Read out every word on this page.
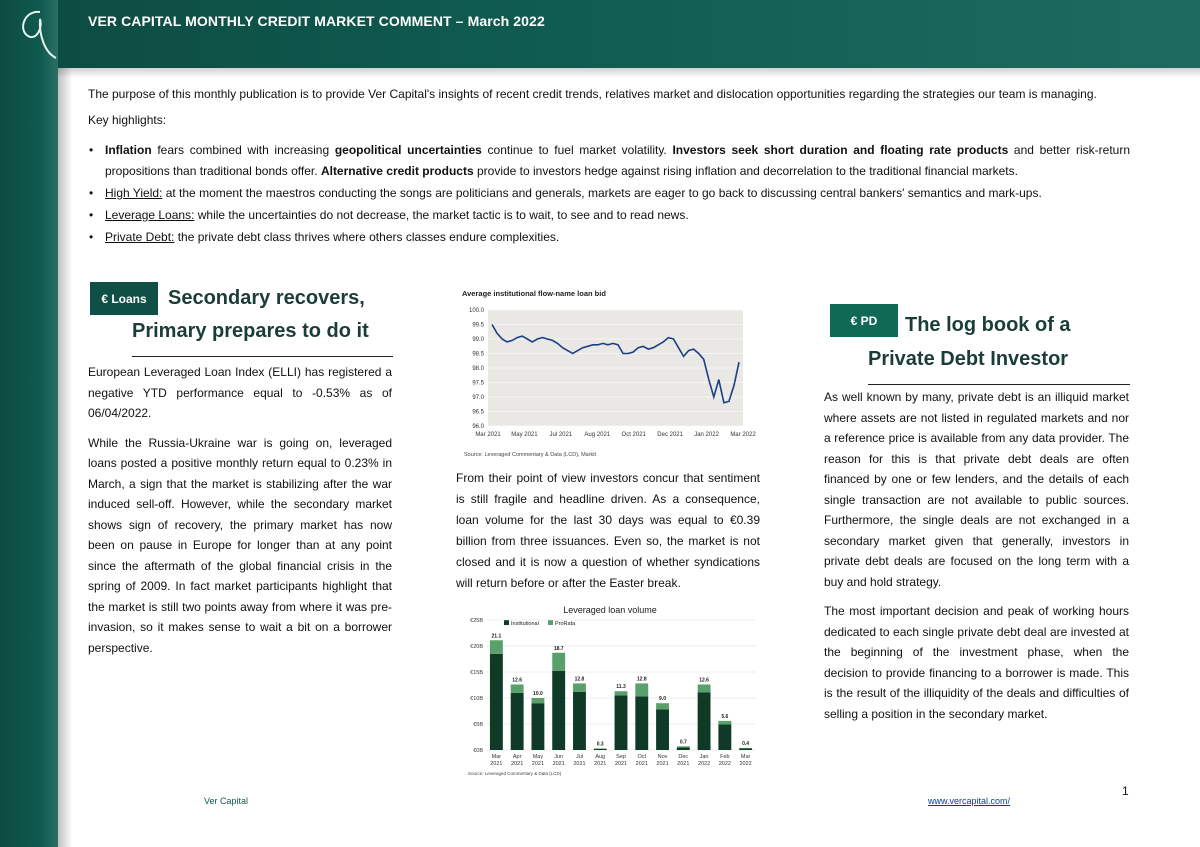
VER CAPITAL MONTHLY CREDIT MARKET COMMENT – March 2022
The purpose of this monthly publication is to provide Ver Capital's insights of recent credit trends, relatives market and dislocation opportunities regarding the strategies our team is managing.
Key highlights:
• Inflation fears combined with increasing geopolitical uncertainties continue to fuel market volatility. Investors seek short duration and floating rate products and better risk-return propositions than traditional bonds offer. Alternative credit products provide to investors hedge against rising inflation and decorrelation to the traditional financial markets.
• High Yield: at the moment the maestros conducting the songs are politicians and generals, markets are eager to go back to discussing central bankers' semantics and mark-ups.
• Leverage Loans: while the uncertainties do not decrease, the market tactic is to wait, to see and to read news.
• Private Debt: the private debt class thrives where others classes endure complexities.
€ Loans	Secondary recovers,
Primary prepares to do it

European Leveraged Loan Index (ELLI) has registered a negative YTD performance equal to -0.53% as of 06/04/2022.

While the Russia-Ukraine war is going on, leveraged loans posted a positive monthly return equal to 0.23% in March, a sign that the market is stabilizing after the war induced sell-off. However, while the secondary market shows sign of recovery, the primary market has now been on pause in Europe for longer than at any point since the aftermath of the global financial crisis in the spring of 2009. In fact market participants highlight that the market is still two points away from where it was pre-invasion, so it makes sense to wait a bit on a borrower perspective.

Average institutional flow-name loan bid
100.0
99.5
99.0
98.5
98.0
97.5
97.0
96.5
96.0
Mar 2021 May 2021 Jul 2021 Aug 2021 Oct 2021 Dec 2021 Jan 2022 Mar 2022
Source: Leveraged Commentary & Data (LCD), Markit
From their point of view investors concur that sentiment is still fragile and headline driven. As a consequence, loan volume for the last 30 days was equal to €0.39 billion from three issuances. Even so, the market is not closed and it is now a question of whether syndications will return before or after the Easter break.
Leveraged loan volume
Institutional	ProRata
€25B
€20B
€15B
€10B
€5B
€0B
21.1
Mar
2021
12.6
Apr
2021
10.0
May
2021
18.7
Jun
2021
12.8
Jul
2021
0.3
Aug
2021
11.3
Sep
2021
12.8
Oct
2021
9.0
Nov
2021
0.7
Dec
2021
12.6
Jan
2022
5.6
Feb
2022
0.4
Mar
2022
Source: Leveraged Commentary & Data (LCD)
€ PD	The log book of a
Private Debt Investor

As well known by many, private debt is an illiquid market where assets are not listed in regulated markets and nor a reference price is available from any data provider. The reason for this is that private debt deals are often financed by one or few lenders, and the details of each single transaction are not available to public sources. Furthermore, the single deals are not exchanged in a secondary market given that generally, investors in private debt deals are focused on the long term with a buy and hold strategy.

The most important decision and peak of working hours dedicated to each single private debt deal are invested at the beginning of the investment phase, when the decision to provide financing to a borrower is made. This is the result of the illiquidity of the deals and difficulties of selling a position in the secondary market.

Ver Capital	www.vercapital.com/
1
